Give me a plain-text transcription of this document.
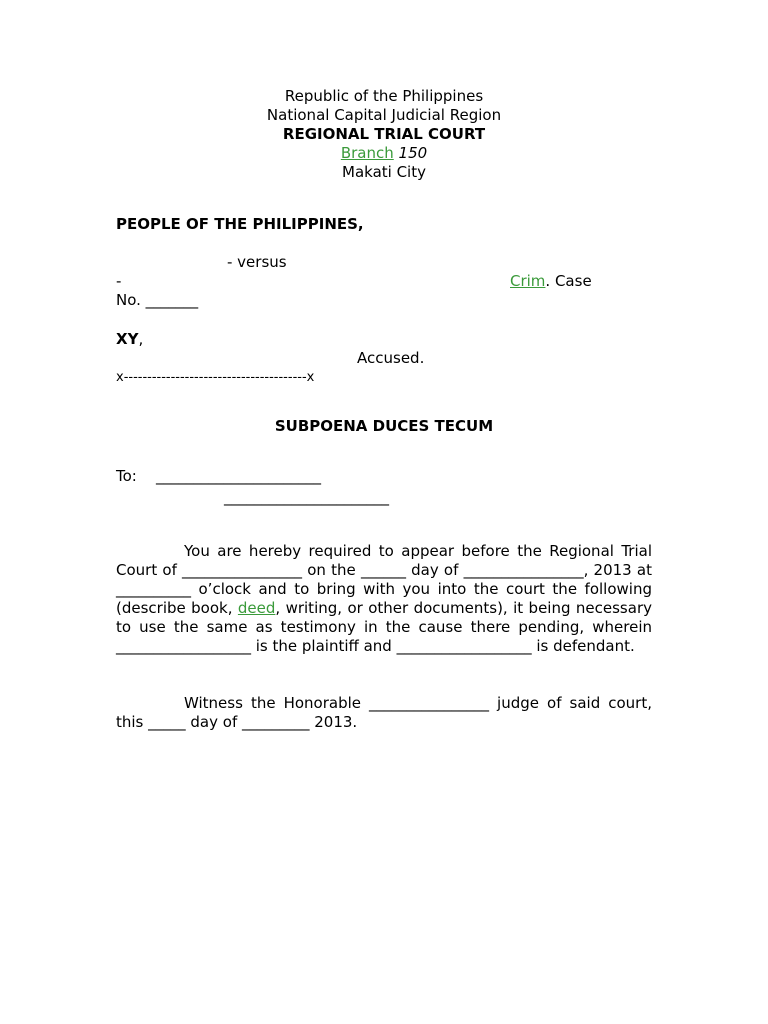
Republic of the Philippines
National Capital Judicial Region
REGIONAL TRIAL COURT
Branch 150
Makati City
PEOPLE OF THE PHILIPPINES,
- versus
-	Crim. Case
No. _______
XY,
Accused.
x---------------------------------------x
SUBPOENA DUCES TECUM
To: ______________________
______________________
You are hereby required to appear before the Regional Trial Court of ________________ on the ______ day of ________________, 2013 at __________ o’clock and to bring with you into the court the following (describe book, deed, writing, or other documents), it being necessary to use the same as testimony in the cause there pending, wherein __________________ is the plaintiff and __________________ is defendant.
Witness the Honorable ________________ judge of said court, this _____ day of _________ 2013.
